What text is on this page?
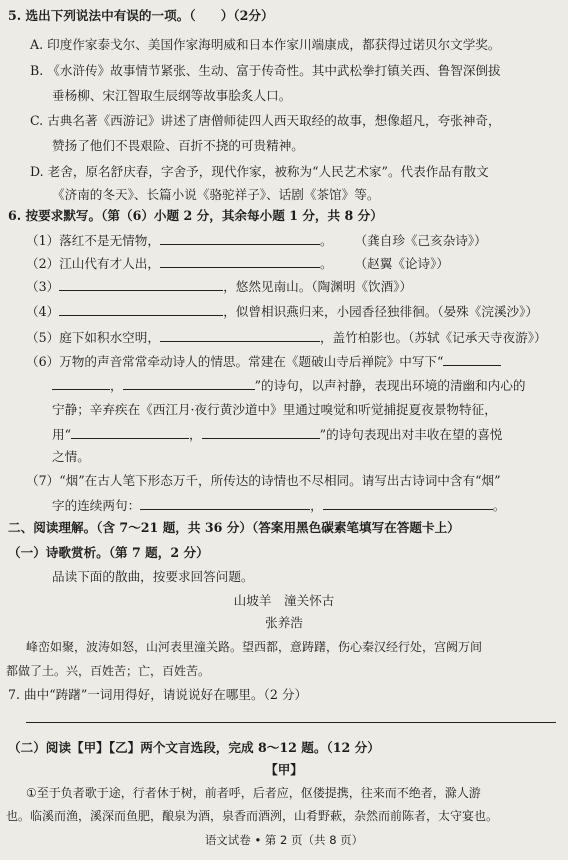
5. 选出下列说法中有误的一项。（　　）（2分）
A. 印度作家泰戈尔、美国作家海明威和日本作家川端康成，都获得过诺贝尔文学奖。
B. 《水浒传》故事情节紧张、生动、富于传奇性。其中武松拳打镇关西、鲁智深倒拔
垂杨柳、宋江智取生辰纲等故事脍炙人口。
C. 古典名著《西游记》讲述了唐僧师徒四人西天取经的故事，想像超凡，夸张神奇，
赞扬了他们不畏艰险、百折不挠的可贵精神。
D. 老舍，原名舒庆春，字舍予，现代作家，被称为“人民艺术家”。代表作品有散文
《济南的冬天》、长篇小说《骆驼祥子》、话剧《茶馆》等。
6. 按要求默写。（第（6）小题 2 分，其余每小题 1 分，共 8 分）
（1）落红不是无情物，	。 （龚自珍《己亥杂诗》）
（2）江山代有才人出，	。 （赵翼《论诗》）
（3）	，悠然见南山。（陶渊明《饮酒》）
（4）	，似曾相识燕归来，小园香径独徘徊。（晏殊《浣溪沙》）
（5）庭下如积水空明，	，盖竹柏影也。（苏轼《记承天寺夜游》）
（6）万物的声音常常牵动诗人的情思。常建在《题破山寺后禅院》中写下“
，	”的诗句，以声衬静，表现出环境的清幽和内心的
宁静；辛弃疾在《西江月·夜行黄沙道中》里通过嗅觉和听觉捕捉夏夜景物特征，
用“	，	”的诗句表现出对丰收在望的喜悦
之情。
（7）“烟”在古人笔下形态万千，所传达的诗情也不尽相同。请写出古诗词中含有“烟”
字的连续两句：	，	。
二、阅读理解。（含 7～21 题，共 36 分）（答案用黑色碳素笔填写在答题卡上）
（一）诗歌赏析。（第 7 题，2 分）
品读下面的散曲，按要求回答问题。
山坡羊　潼关怀古
张养浩
峰峦如聚，波涛如怒，山河表里潼关路。望西都，意踌躇，伤心秦汉经行处，宫阙万间
都做了土。兴，百姓苦；亡，百姓苦。
7. 曲中“踌躇”一词用得好，请说说好在哪里。（2 分）
（二）阅读【甲】【乙】两个文言选段，完成 8～12 题。（12 分）
【甲】
①至于负者歌于途，行者休于树，前者呼，后者应，伛偻提携，往来而不绝者，滁人游
也。临溪而渔，溪深而鱼肥，酿泉为酒，泉香而酒洌，山肴野蔌，杂然而前陈者，太守宴也。
语文试卷 • 第 2 页（共 8 页）
